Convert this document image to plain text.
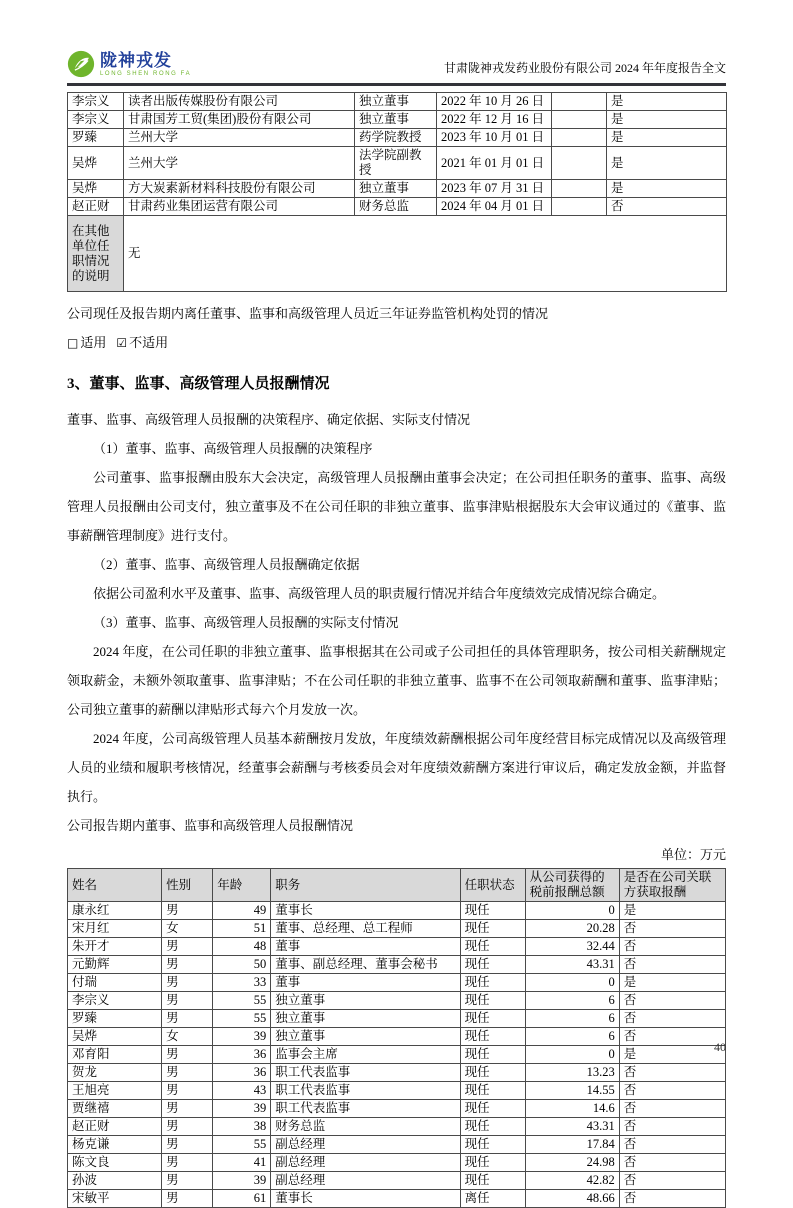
陇神戎发
LONG SHEN RONG FA	甘肃陇神戎发药业股份有限公司 2024 年年度报告全文
李宗义	读者出版传媒股份有限公司	独立董事	2022 年 10 月 26 日		是
李宗义	甘肃国芳工贸(集团)股份有限公司	独立董事	2022 年 12 月 16 日		是
罗臻	兰州大学	药学院教授	2023 年 10 月 01 日		是
吴烨	兰州大学	法学院副教授	2021 年 01 月 01 日		是
吴烨	方大炭素新材料科技股份有限公司	独立董事	2023 年 07 月 31 日		是
赵正财	甘肃药业集团运营有限公司	财务总监	2024 年 04 月 01 日		否
在其他单位任职情况的说明	无				

公司现任及报告期内离任董事、监事和高级管理人员近三年证券监管机构处罚的情况

□ 适用 ☑ 不适用

3、董事、监事、高级管理人员报酬情况

董事、监事、高级管理人员报酬的决策程序、确定依据、实际支付情况

（1）董事、监事、高级管理人员报酬的决策程序

公司董事、监事报酬由股东大会决定，高级管理人员报酬由董事会决定；在公司担任职务的董事、监事、高级管理人员报酬由公司支付，独立董事及不在公司任职的非独立董事、监事津贴根据股东大会审议通过的《董事、监事薪酬管理制度》进行支付。

（2）董事、监事、高级管理人员报酬确定依据

依据公司盈利水平及董事、监事、高级管理人员的职责履行情况并结合年度绩效完成情况综合确定。

（3）董事、监事、高级管理人员报酬的实际支付情况

2024 年度，在公司任职的非独立董事、监事根据其在公司或子公司担任的具体管理职务，按公司相关薪酬规定领取薪金，未额外领取董事、监事津贴；不在公司任职的非独立董事、监事不在公司领取薪酬和董事、监事津贴；公司独立董事的薪酬以津贴形式每六个月发放一次。

2024 年度，公司高级管理人员基本薪酬按月发放，年度绩效薪酬根据公司年度经营目标完成情况以及高级管理人员的业绩和履职考核情况，经董事会薪酬与考核委员会对年度绩效薪酬方案进行审议后，确定发放金额，并监督执行。

公司报告期内董事、监事和高级管理人员报酬情况

单位：万元

姓名	性别	年龄	职务	任职状态	从公司获得的税前报酬总额	是否在公司关联方获取报酬
康永红	男	49	董事长	现任	0	是
宋月红	女	51	董事、总经理、总工程师	现任	20.28	否
朱开才	男	48	董事	现任	32.44	否
元勤辉	男	50	董事、副总经理、董事会秘书	现任	43.31	否
付瑞	男	33	董事	现任	0	是
李宗义	男	55	独立董事	现任	6	否
罗臻	男	55	独立董事	现任	6	否
吴烨	女	39	独立董事	现任	6	否
邓育阳	男	36	监事会主席	现任	0	是
贺龙	男	36	职工代表监事	现任	13.23	否
王旭亮	男	43	职工代表监事	现任	14.55	否
贾继禧	男	39	职工代表监事	现任	14.6	否
赵正财	男	38	财务总监	现任	43.31	否
杨克谦	男	55	副总经理	现任	17.84	否
陈文良	男	41	副总经理	现任	24.98	否
孙波	男	39	副总经理	现任	42.82	否
宋敏平	男	61	董事长	离任	48.66	否
40
